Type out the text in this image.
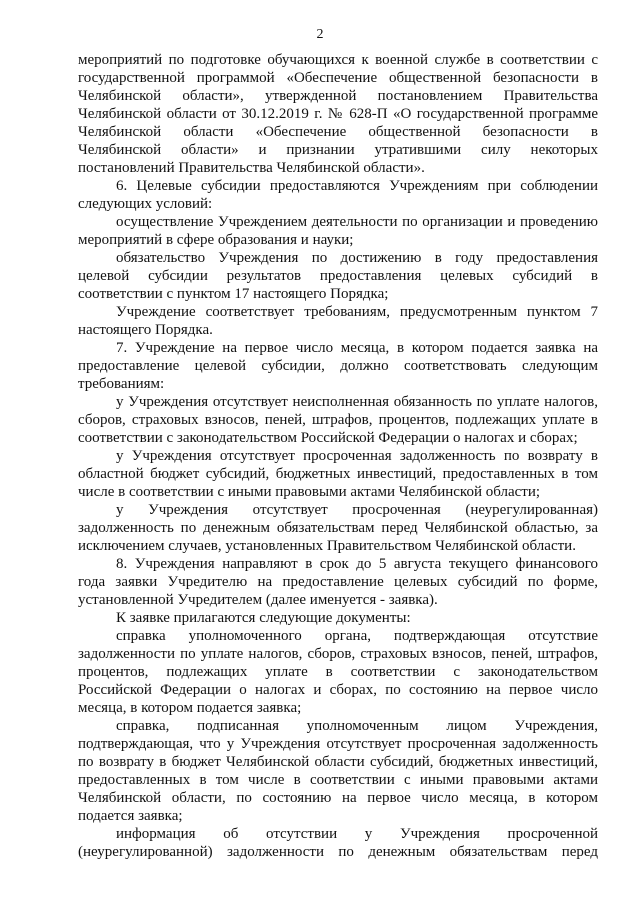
2
мероприятий по подготовке обучающихся к военной службе в соответствии с
государственной программой «Обеспечение общественной безопасности в
Челябинской области», утвержденной постановлением Правительства
Челябинской области от 30.12.2019 г. № 628-П «О государственной программе
Челябинской области «Обеспечение общественной безопасности в
Челябинской области» и признании утратившими силу некоторых
постановлений Правительства Челябинской области».
6. Целевые субсидии предоставляются Учреждениям при соблюдении
следующих условий:
осуществление Учреждением деятельности по организации и проведению
мероприятий в сфере образования и науки;
обязательство Учреждения по достижению в году предоставления
целевой субсидии результатов предоставления целевых субсидий в
соответствии с пунктом 17 настоящего Порядка;
Учреждение соответствует требованиям, предусмотренным пунктом 7
настоящего Порядка.
7. Учреждение на первое число месяца, в котором подается заявка на
предоставление целевой субсидии, должно соответствовать следующим
требованиям:
у Учреждения отсутствует неисполненная обязанность по уплате налогов,
сборов, страховых взносов, пеней, штрафов, процентов, подлежащих уплате в
соответствии с законодательством Российской Федерации о налогах и сборах;
у Учреждения отсутствует просроченная задолженность по возврату в
областной бюджет субсидий, бюджетных инвестиций, предоставленных в том
числе в соответствии с иными правовыми актами Челябинской области;
у Учреждения отсутствует просроченная (неурегулированная)
задолженность по денежным обязательствам перед Челябинской областью, за
исключением случаев, установленных Правительством Челябинской области.
8. Учреждения направляют в срок до 5 августа текущего финансового
года заявки Учредителю на предоставление целевых субсидий по форме,
установленной Учредителем (далее именуется - заявка).
К заявке прилагаются следующие документы:
справка уполномоченного органа, подтверждающая отсутствие
задолженности по уплате налогов, сборов, страховых взносов, пеней, штрафов,
процентов, подлежащих уплате в соответствии с законодательством
Российской Федерации о налогах и сборах, по состоянию на первое число
месяца, в котором подается заявка;
справка, подписанная уполномоченным лицом Учреждения,
подтверждающая, что у Учреждения отсутствует просроченная задолженность
по возврату в бюджет Челябинской области субсидий, бюджетных инвестиций,
предоставленных в том числе в соответствии с иными правовыми актами
Челябинской области, по состоянию на первое число месяца, в котором
подается заявка;
информация об отсутствии у Учреждения просроченной
(неурегулированной) задолженности по денежным обязательствам перед
